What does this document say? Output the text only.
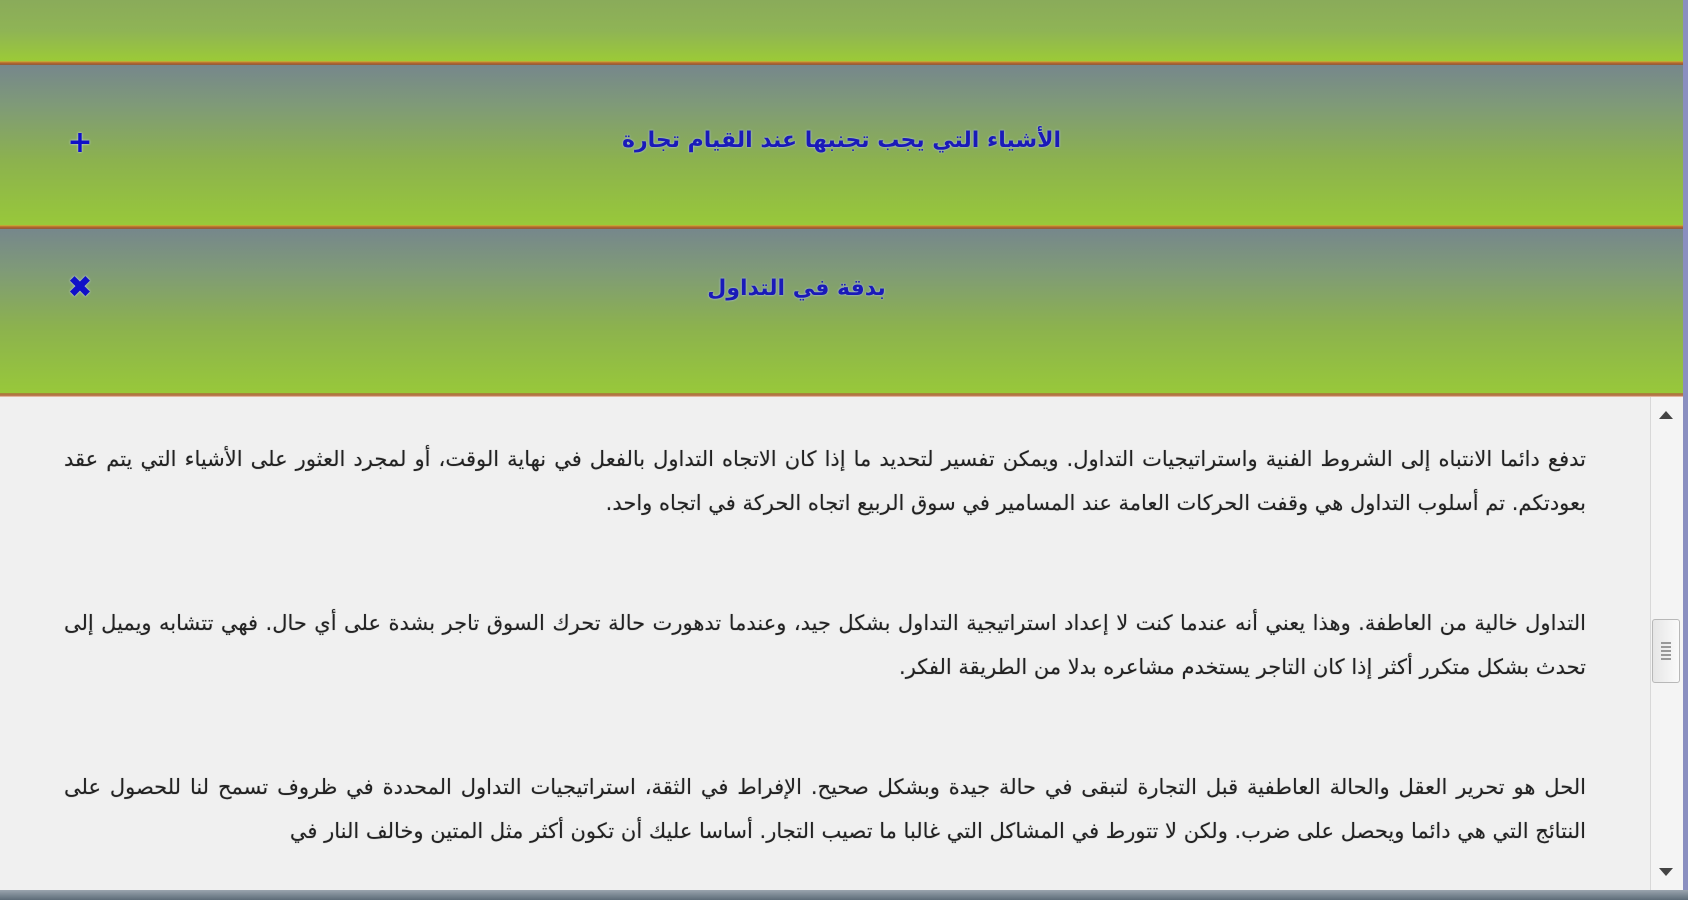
+	الأشياء التي يجب تجنبها عند القيام تجارة
✖	بدقة في التداول

تدفع دائما الانتباه إلى الشروط الفنية واستراتيجيات التداول. ويمكن تفسير لتحديد ما إذا كان الاتجاه التداول بالفعل في نهاية الوقت، أو لمجرد العثور على الأشياء التي يتم عقد بعودتكم. تم أسلوب التداول هي وقفت الحركات العامة عند المسامير في سوق الربيع اتجاه الحركة في اتجاه واحد.

التداول خالية من العاطفة. وهذا يعني أنه عندما كنت لا إعداد استراتيجية التداول بشكل جيد، وعندما تدهورت حالة تحرك السوق تاجر بشدة على أي حال. فهي تتشابه ويميل إلى تحدث بشكل متكرر أكثر إذا كان التاجر يستخدم مشاعره بدلا من الطريقة الفكر.

الحل هو تحرير العقل والحالة العاطفية قبل التجارة لتبقى في حالة جيدة وبشكل صحيح. الإفراط في الثقة، استراتيجيات التداول المحددة في ظروف تسمح لنا للحصول على النتائج التي هي دائما ويحصل على ضرب. ولكن لا تتورط في المشاكل التي غالبا ما تصيب التجار. أساسا عليك أن تكون أكثر مثل المتين وخالف النار في
